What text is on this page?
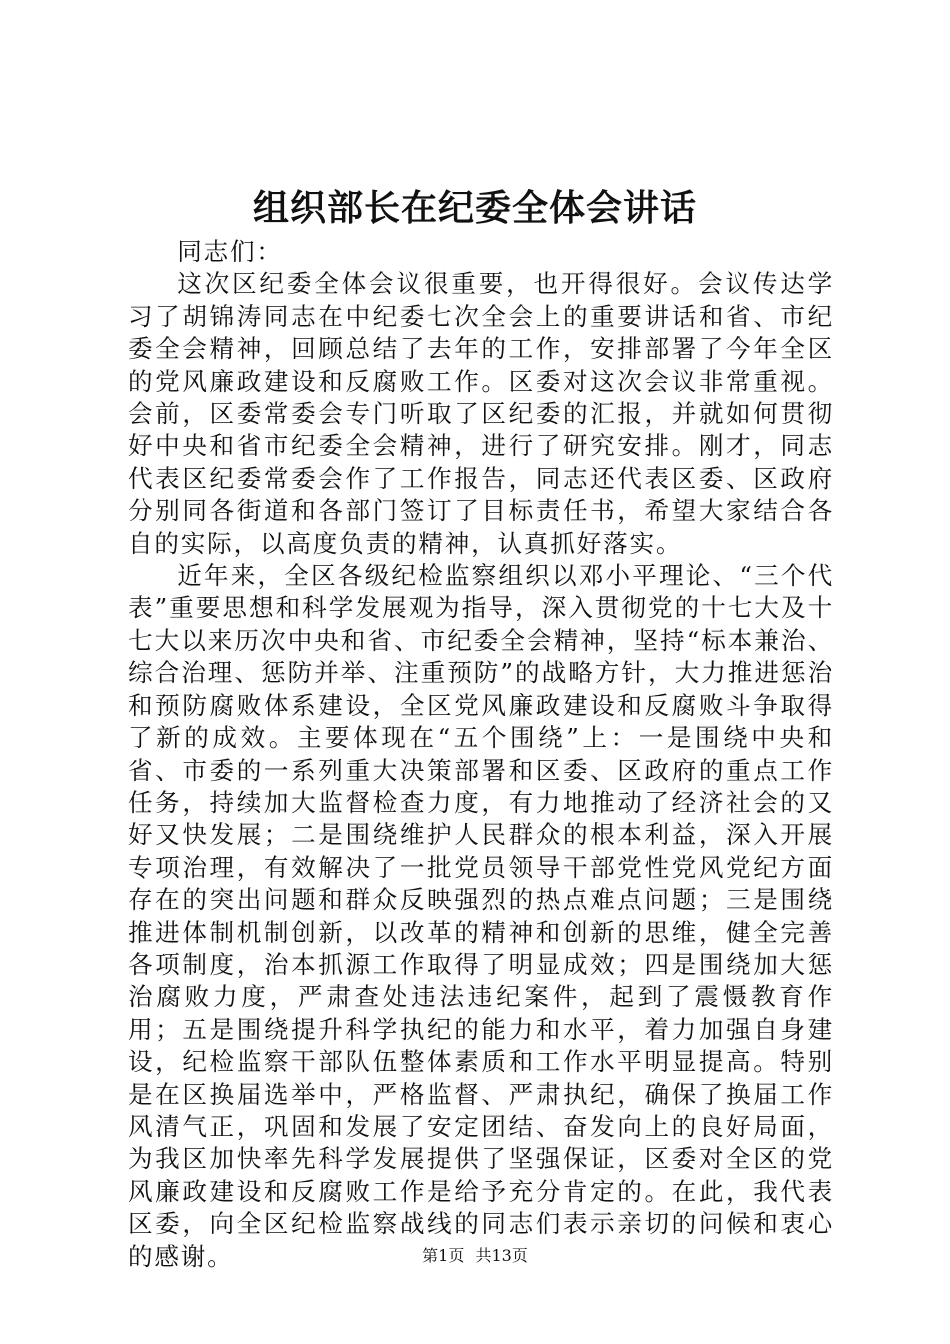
组织部长在纪委全体会讲话

同志们：

这次区纪委全体会议很重要，也开得很好。会议传达学习了胡锦涛同志在中纪委七次全会上的重要讲话和省、市纪委全会精神，回顾总结了去年的工作，安排部署了今年全区的党风廉政建设和反腐败工作。区委对这次会议非常重视。会前，区委常委会专门听取了区纪委的汇报，并就如何贯彻好中央和省市纪委全会精神，进行了研究安排。刚才，同志代表区纪委常委会作了工作报告，同志还代表区委、区政府分别同各街道和各部门签订了目标责任书，希望大家结合各自的实际，以高度负责的精神，认真抓好落实。

近年来，全区各级纪检监察组织以邓小平理论、“三个代表”重要思想和科学发展观为指导，深入贯彻党的十七大及十七大以来历次中央和省、市纪委全会精神，坚持“标本兼治、综合治理、惩防并举、注重预防”的战略方针，大力推进惩治和预防腐败体系建设，全区党风廉政建设和反腐败斗争取得了新的成效。主要体现在“五个围绕”上：一是围绕中央和省、市委的一系列重大决策部署和区委、区政府的重点工作任务，持续加大监督检查力度，有力地推动了经济社会的又好又快发展；二是围绕维护人民群众的根本利益，深入开展专项治理，有效解决了一批党员领导干部党性党风党纪方面存在的突出问题和群众反映强烈的热点难点问题；三是围绕推进体制机制创新，以改革的精神和创新的思维，健全完善各项制度，治本抓源工作取得了明显成效；四是围绕加大惩治腐败力度，严肃查处违法违纪案件，起到了震慑教育作用；五是围绕提升科学执纪的能力和水平，着力加强自身建设，纪检监察干部队伍整体素质和工作水平明显提高。特别是在区换届选举中，严格监督、严肃执纪，确保了换届工作风清气正，巩固和发展了安定团结、奋发向上的良好局面，为我区加快率先科学发展提供了坚强保证，区委对全区的党风廉政建设和反腐败工作是给予充分肯定的。在此，我代表区委，向全区纪检监察战线的同志们表示亲切的问候和衷心的感谢。	第1页 共13页
